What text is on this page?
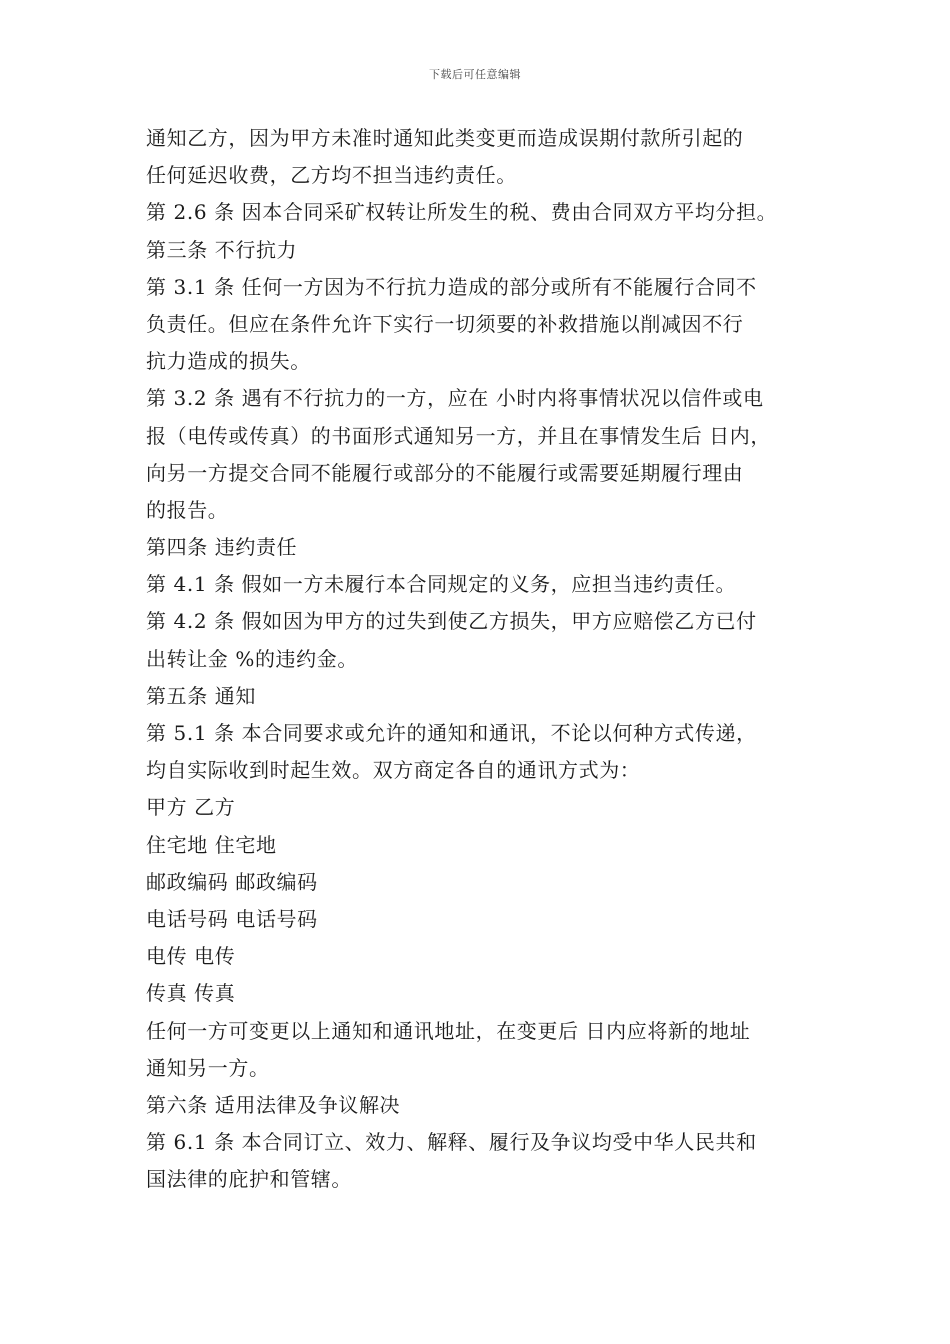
下载后可任意编辑
通知乙方，因为甲方未准时通知此类变更而造成误期付款所引起的
任何延迟收费，乙方均不担当违约责任。
第 2.6 条 因本合同采矿权转让所发生的税、费由合同双方平均分担。
第三条 不行抗力
第 3.1 条 任何一方因为不行抗力造成的部分或所有不能履行合同不
负责任。但应在条件允许下实行一切须要的补救措施以削减因不行
抗力造成的损失。
第 3.2 条 遇有不行抗力的一方，应在 小时内将事情状况以信件或电
报（电传或传真）的书面形式通知另一方，并且在事情发生后 日内，
向另一方提交合同不能履行或部分的不能履行或需要延期履行理由
的报告。
第四条 违约责任
第 4.1 条 假如一方未履行本合同规定的义务，应担当违约责任。
第 4.2 条 假如因为甲方的过失到使乙方损失，甲方应赔偿乙方已付
出转让金 %的违约金。
第五条 通知
第 5.1 条 本合同要求或允许的通知和通讯，不论以何种方式传递，
均自实际收到时起生效。双方商定各自的通讯方式为：
甲方 乙方
住宅地 住宅地
邮政编码 邮政编码
电话号码 电话号码
电传 电传
传真 传真
任何一方可变更以上通知和通讯地址，在变更后 日内应将新的地址
通知另一方。
第六条 适用法律及争议解决
第 6.1 条 本合同订立、效力、解释、履行及争议均受中华人民共和
国法律的庇护和管辖。
